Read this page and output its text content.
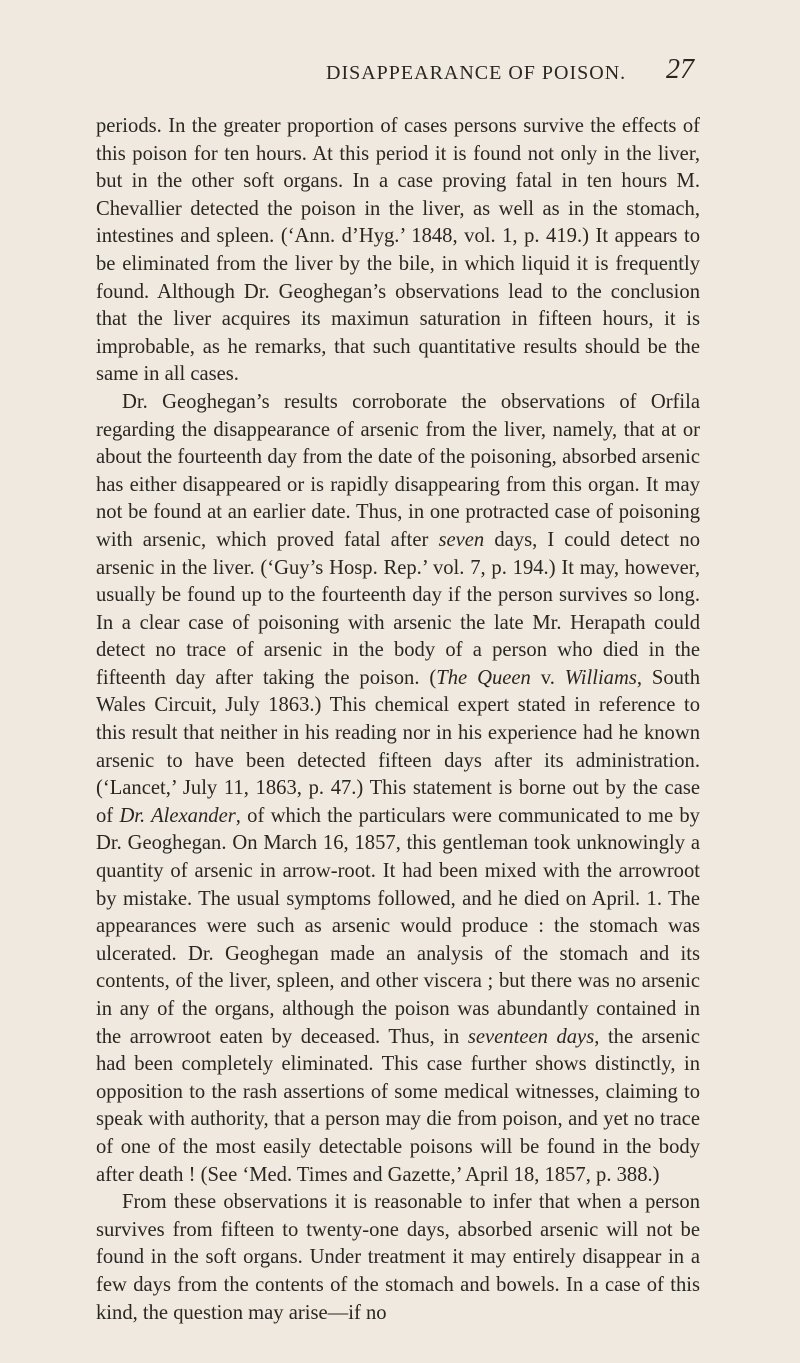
DISAPPEARANCE OF POISON. 27

periods. In the greater proportion of cases persons survive the effects of this poison for ten hours. At this period it is found not only in the liver, but in the other soft organs. In a case proving fatal in ten hours M. Chevallier detected the poison in the liver, as well as in the stomach, intestines and spleen. (‘Ann. d’Hyg.’ 1848, vol. 1, p. 419.) It appears to be eliminated from the liver by the bile, in which liquid it is frequently found. Although Dr. Geoghegan’s observations lead to the conclusion that the liver acquires its maximun saturation in fifteen hours, it is improbable, as he remarks, that such quantitative results should be the same in all cases.

Dr. Geoghegan’s results corroborate the observations of Orfila regarding the disappearance of arsenic from the liver, namely, that at or about the fourteenth day from the date of the poisoning, absorbed arsenic has either disappeared or is rapidly disappearing from this organ. It may not be found at an earlier date. Thus, in one protracted case of poisoning with arsenic, which proved fatal after seven days, I could detect no arsenic in the liver. (‘Guy’s Hosp. Rep.’ vol. 7, p. 194.) It may, however, usually be found up to the fourteenth day if the person survives so long. In a clear case of poisoning with arsenic the late Mr. Herapath could detect no trace of arsenic in the body of a person who died in the fifteenth day after taking the poison. (The Queen v. Williams, South Wales Circuit, July 1863.) This chemical expert stated in reference to this result that neither in his reading nor in his experience had he known arsenic to have been detected fifteen days after its administration. (‘Lancet,’ July 11, 1863, p. 47.) This statement is borne out by the case of Dr. Alexander, of which the particulars were communicated to me by Dr. Geoghegan. On March 16, 1857, this gentleman took unknowingly a quantity of arsenic in arrow-root. It had been mixed with the arrowroot by mistake. The usual symptoms followed, and he died on April. 1. The appearances were such as arsenic would produce : the stomach was ulcerated. Dr. Geoghegan made an analysis of the stomach and its contents, of the liver, spleen, and other viscera ; but there was no arsenic in any of the organs, although the poison was abundantly contained in the arrowroot eaten by deceased. Thus, in seventeen days, the arsenic had been completely eliminated. This case further shows distinctly, in opposition to the rash assertions of some medical witnesses, claiming to speak with authority, that a person may die from poison, and yet no trace of one of the most easily detectable poisons will be found in the body after death ! (See ‘Med. Times and Gazette,’ April 18, 1857, p. 388.)

From these observations it is reasonable to infer that when a person survives from fifteen to twenty-one days, absorbed arsenic will not be found in the soft organs. Under treatment it may entirely disappear in a few days from the contents of the stomach and bowels. In a case of this kind, the question may arise—if no
